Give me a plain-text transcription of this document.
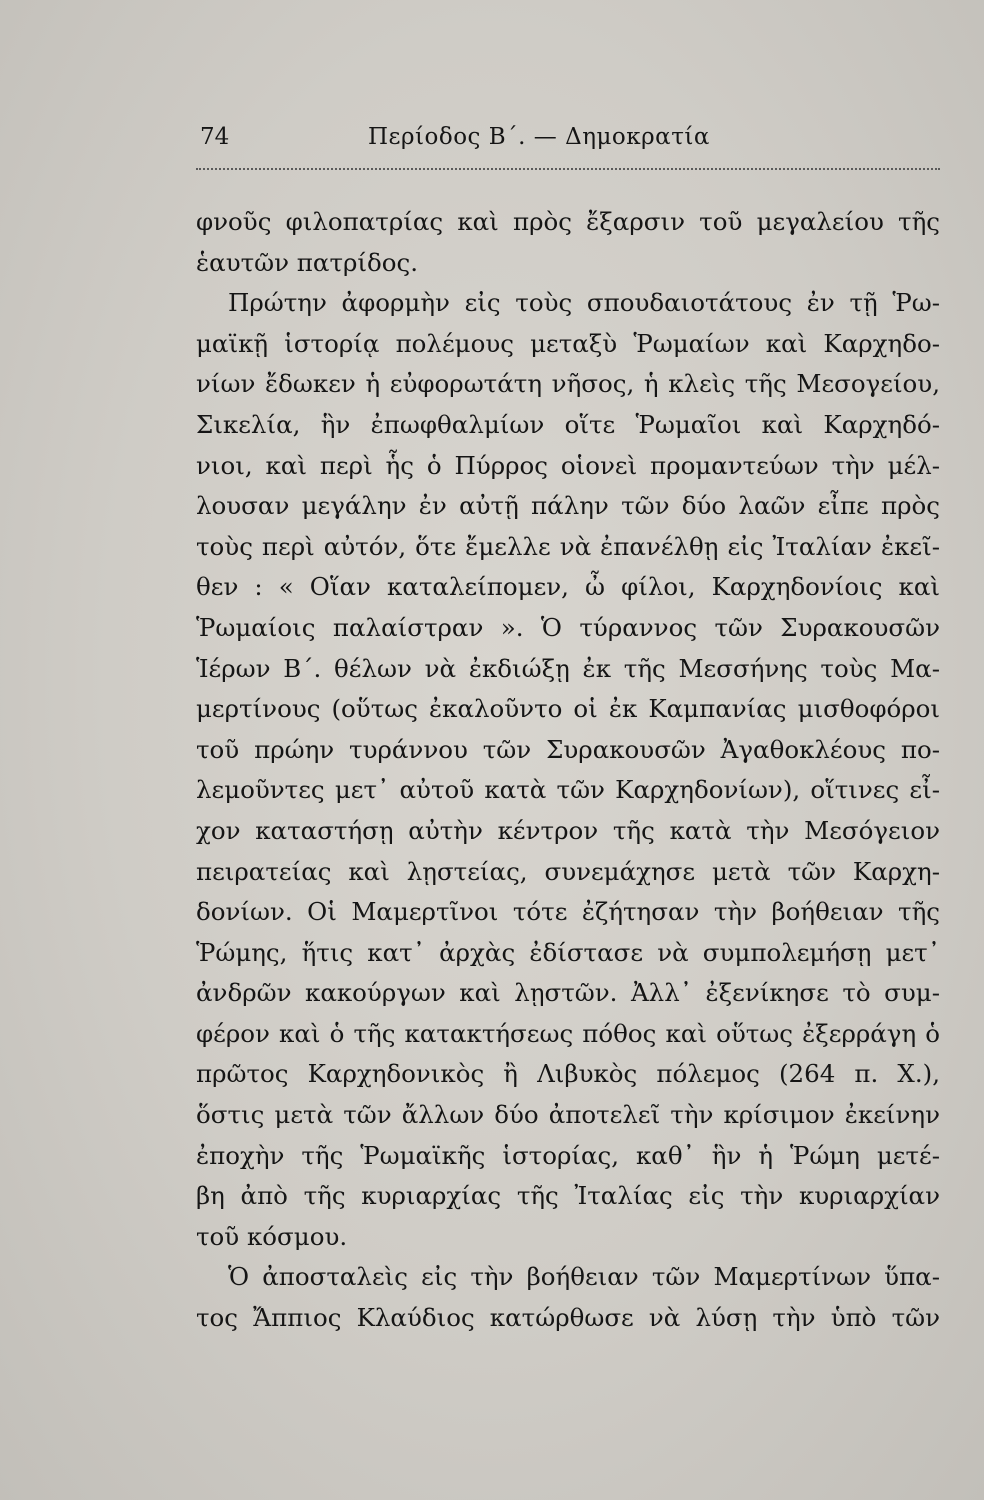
74	Περίοδος Β΄. — Δημοκρατία

φνοῦς φιλοπατρίας καὶ πρὸς ἔξαρσιν τοῦ μεγαλείου τῆς
ἑαυτῶν πατρίδος.

Πρώτην ἀφορμὴν εἰς τοὺς σπουδαιοτάτους ἐν τῇ Ῥω-
μαϊκῇ ἱστορίᾳ πολέμους μεταξὺ Ῥωμαίων καὶ Καρχηδο-
νίων ἔδωκεν ἡ εὐφορωτάτη νῆσος, ἡ κλεὶς τῆς Μεσογείου,
Σικελία, ἣν ἐπωφθαλμίων οἵτε Ῥωμαῖοι καὶ Καρχηδό-
νιοι, καὶ περὶ ἧς ὁ Πύρρος οἱονεὶ προμαντεύων τὴν μέλ-
λουσαν μεγάλην ἐν αὐτῇ πάλην τῶν δύο λαῶν εἶπε πρὸς
τοὺς περὶ αὐτόν, ὅτε ἔμελλε νὰ ἐπανέλθῃ εἰς Ἰταλίαν ἐκεῖ-
θεν : « Οἵαν καταλείπομεν, ὦ φίλοι, Καρχηδονίοις καὶ
Ῥωμαίοις παλαίστραν ». Ὁ τύραννος τῶν Συρακουσῶν
Ἱέρων Β΄. θέλων νὰ ἐκδιώξῃ ἐκ τῆς Μεσσήνης τοὺς Μα-
μερτίνους (οὕτως ἐκαλοῦντο οἱ ἐκ Καμπανίας μισθοφόροι
τοῦ πρώην τυράννου τῶν Συρακουσῶν Ἀγαθοκλέους πο-
λεμοῦντες μετ᾽ αὐτοῦ κατὰ τῶν Καρχηδονίων), οἵτινες εἶ-
χον καταστήσῃ αὐτὴν κέντρον τῆς κατὰ τὴν Μεσόγειον
πειρατείας καὶ λῃστείας, συνεμάχησε μετὰ τῶν Καρχη-
δονίων. Οἱ Μαμερτῖνοι τότε ἐζήτησαν τὴν βοήθειαν τῆς
Ῥώμης, ἥτις κατ᾽ ἀρχὰς ἐδίστασε νὰ συμπολεμήσῃ μετ᾽
ἀνδρῶν κακούργων καὶ λῃστῶν. Ἀλλ᾽ ἐξενίκησε τὸ συμ-
φέρον καὶ ὁ τῆς κατακτήσεως πόθος καὶ οὕτως ἐξερράγη ὁ
πρῶτος Καρχηδονικὸς ἢ Λιβυκὸς πόλεμος (264 π. Χ.),
ὅστις μετὰ τῶν ἄλλων δύο ἀποτελεῖ τὴν κρίσιμον ἐκείνην
ἐποχὴν τῆς Ῥωμαϊκῆς ἱστορίας, καθ᾽ ἣν ἡ Ῥώμη μετέ-
βη ἀπὸ τῆς κυριαρχίας τῆς Ἰταλίας εἰς τὴν κυριαρχίαν
τοῦ κόσμου.

Ὁ ἀποσταλεὶς εἰς τὴν βοήθειαν τῶν Μαμερτίνων ὕπα-
τος Ἄππιος Κλαύδιος κατώρθωσε νὰ λύσῃ τὴν ὑπὸ τῶν
